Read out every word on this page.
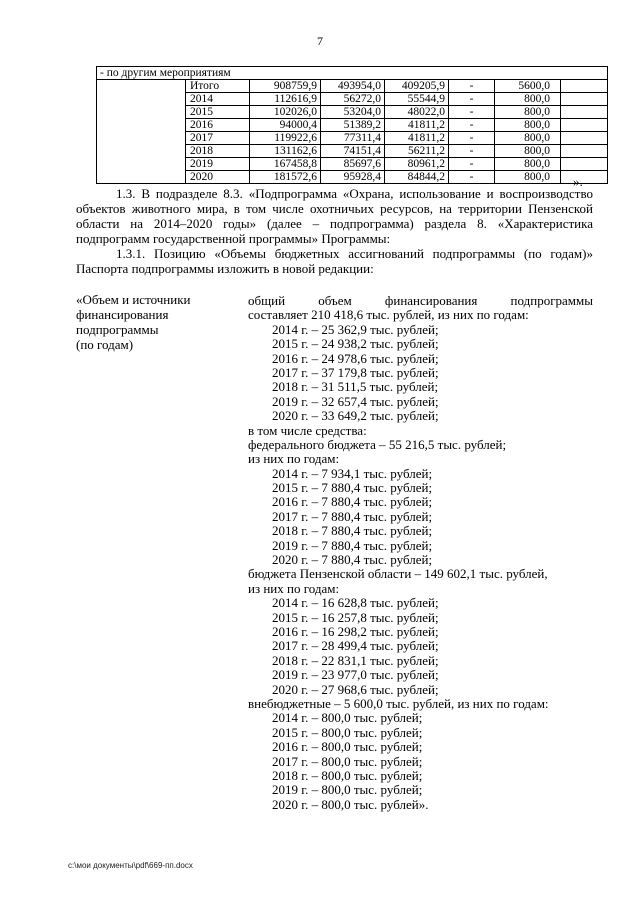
7
- по другим мероприятиям							
	Итого	908759,9	493954,0	409205,9	-	5600,0	
	2014	112616,9	56272,0	55544,9	-	800,0	
	2015	102026,0	53204,0	48022,0	-	800,0	
	2016	94000,4	51389,2	41811,2	-	800,0	
	2017	119922,6	77311,4	41811,2	-	800,0	
	2018	131162,6	74151,4	56211,2	-	800,0	
	2019	167458,8	85697,6	80961,2	-	800,0	
	2020	181572,6	95928,4	84844,2	-	800,0	».
1.3. В подразделе 8.3. «Подпрограмма «Охрана, использование и воспроизводство объектов животного мира, в том числе охотничьих ресурсов, на территории Пензенской области на 2014–2020 годы» (далее – подпрограмма) раздела 8. «Характеристика подпрограмм государственной программы» Программы:
1.3.1. Позицию «Объемы бюджетных ассигнований подпрограммы (по годам)» Паспорта подпрограммы изложить в новой редакции:
«Объем и источники
финансирования
подпрограммы
(по годам)
общий объем финансирования подпрограммы
составляет 210 418,6 тыс. рублей, из них по годам:
2014 г. – 25 362,9 тыс. рублей;
2015 г. – 24 938,2 тыс. рублей;
2016 г. – 24 978,6 тыс. рублей;
2017 г. – 37 179,8 тыс. рублей;
2018 г. – 31 511,5 тыс. рублей;
2019 г. – 32 657,4 тыс. рублей;
2020 г. – 33 649,2 тыс. рублей;
в том числе средства:
федерального бюджета – 55 216,5 тыс. рублей;
из них по годам:
2014 г. – 7 934,1 тыс. рублей;
2015 г. – 7 880,4 тыс. рублей;
2016 г. – 7 880,4 тыс. рублей;
2017 г. – 7 880,4 тыс. рублей;
2018 г. – 7 880,4 тыс. рублей;
2019 г. – 7 880,4 тыс. рублей;
2020 г. – 7 880,4 тыс. рублей;
бюджета Пензенской области – 149 602,1 тыс. рублей,
из них по годам:
2014 г. – 16 628,8 тыс. рублей;
2015 г. – 16 257,8 тыс. рублей;
2016 г. – 16 298,2 тыс. рублей;
2017 г. – 28 499,4 тыс. рублей;
2018 г. – 22 831,1 тыс. рублей;
2019 г. – 23 977,0 тыс. рублей;
2020 г. – 27 968,6 тыс. рублей;
внебюджетные – 5 600,0 тыс. рублей, из них по годам:
2014 г. – 800,0 тыс. рублей;
2015 г. – 800,0 тыс. рублей;
2016 г. – 800,0 тыс. рублей;
2017 г. – 800,0 тыс. рублей;
2018 г. – 800,0 тыс. рублей;
2019 г. – 800,0 тыс. рублей;
2020 г. – 800,0 тыс. рублей».
c:\мои документы\pdf\669-пп.docx
